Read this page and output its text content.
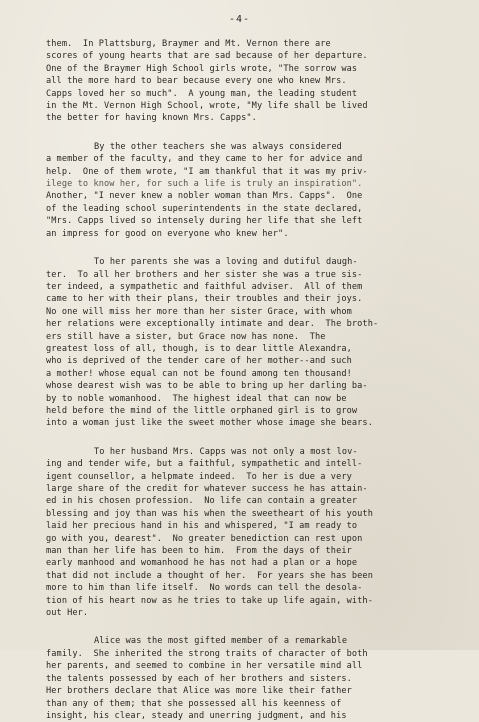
-4-

them.  In Plattsburg, Braymer and Mt. Vernon there are
scores of young hearts that are sad because of her departure.
One of the Braymer High School girls wrote, "The sorrow was
all the more hard to bear because every one who knew Mrs.
Capps loved her so much".  A young man, the leading student
in the Mt. Vernon High School, wrote, "My life shall be lived
the better for having known Mrs. Capps".

By the other teachers she was always considered
a member of the faculty, and they came to her for advice and
help.  One of them wrote, "I am thankful that it was my priv-
ilege to know her, for such a life is truly an inspiration".
Another, "I never knew a nobler woman than Mrs. Capps".  One
of the leading school superintendents in the state declared,
"Mrs. Capps lived so intensely during her life that she left
an impress for good on everyone who knew her".

To her parents she was a loving and dutiful daugh-
ter.  To all her brothers and her sister she was a true sis-
ter indeed, a sympathetic and faithful adviser.  All of them
came to her with their plans, their troubles and their joys.
No one will miss her more than her sister Grace, with whom
her relations were exceptionally intimate and dear.  The broth-
ers still have a sister, but Grace now has none.  The
greatest loss of all, though, is to dear little Alexandra,
who is deprived of the tender care of her mother--and such
a mother! whose equal can not be found among ten thousand!
whose dearest wish was to be able to bring up her darling ba-
by to noble womanhood.  The highest ideal that can now be
held before the mind of the little orphaned girl is to grow
into a woman just like the sweet mother whose image she bears.

To her husband Mrs. Capps was not only a most lov-
ing and tender wife, but a faithful, sympathetic and intell-
igent counsellor, a helpmate indeed.  To her is due a very
large share of the credit for whatever success he has attain-
ed in his chosen profession.  No life can contain a greater
blessing and joy than was his when the sweetheart of his youth
laid her precious hand in his and whispered, "I am ready to
go with you, dearest".  No greater benediction can rest upon
man than her life has been to him.  From the days of their
early manhood and womanhood he has not had a plan or a hope
that did not include a thought of her.  For years she has been
more to him than life itself.  No words can tell the desola-
tion of his heart now as he tries to take up life again, with-
out Her.

Alice was the most gifted member of a remarkable
family.  She inherited the strong traits of character of both
her parents, and seemed to combine in her versatile mind all
the talents possessed by each of her brothers and sisters.
Her brothers declare that Alice was more like their father
than any of them; that she possessed all his keenness of
insight, his clear, steady and unerring judgment, and his
